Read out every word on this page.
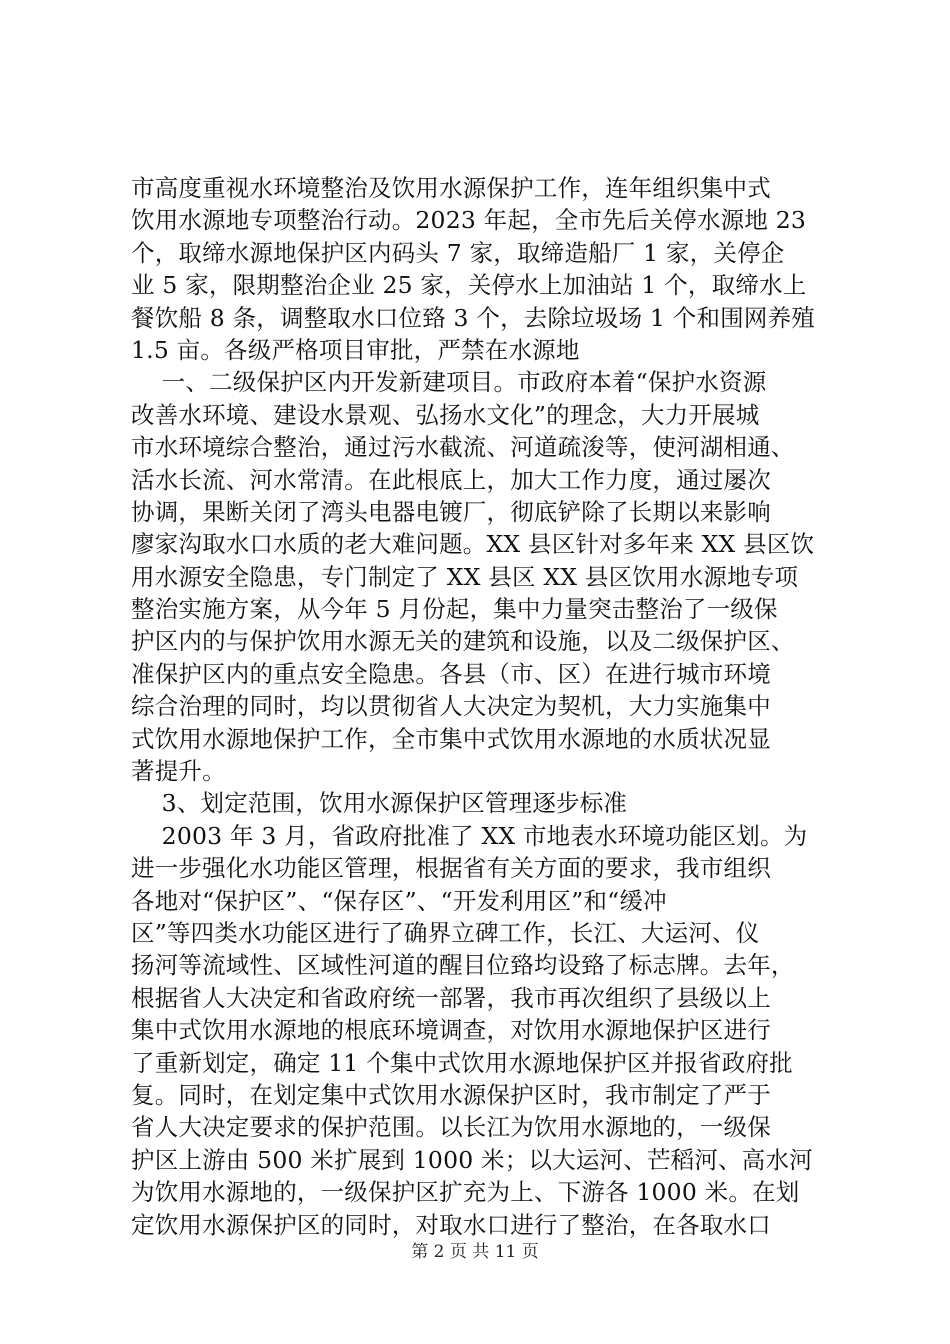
市高度重视水环境整治及饮用水源保护工作，连年组织集中式
饮用水源地专项整治行动。2023 年起，全市先后关停水源地 23
个，取缔水源地保护区内码头 7 家，取缔造船厂 1 家，关停企
业 5 家，限期整治企业 25 家，关停水上加油站 1 个，取缔水上
餐饮船 8 条，调整取水口位臵 3 个，去除垃圾场 1 个和围网养殖
1.5 亩。各级严格项目审批，严禁在水源地
一、二级保护区内开发新建项目。市政府本着“保护水资源
改善水环境、建设水景观、弘扬水文化”的理念，大力开展城
市水环境综合整治，通过污水截流、河道疏浚等，使河湖相通、
活水长流、河水常清。在此根底上，加大工作力度，通过屡次
协调，果断关闭了湾头电器电镀厂，彻底铲除了长期以来影响
廖家沟取水口水质的老大难问题。XX 县区针对多年来 XX 县区饮
用水源安全隐患，专门制定了 XX 县区 XX 县区饮用水源地专项
整治实施方案，从今年 5 月份起，集中力量突击整治了一级保
护区内的与保护饮用水源无关的建筑和设施，以及二级保护区、
准保护区内的重点安全隐患。各县（市、区）在进行城市环境
综合治理的同时，均以贯彻省人大决定为契机，大力实施集中
式饮用水源地保护工作，全市集中式饮用水源地的水质状况显
著提升。
3、划定范围，饮用水源保护区管理逐步标准
2003 年 3 月，省政府批准了 XX 市地表水环境功能区划。为
进一步强化水功能区管理，根据省有关方面的要求，我市组织
各地对“保护区”、“保存区”、“开发利用区”和“缓冲
区”等四类水功能区进行了确界立碑工作，长江、大运河、仪
扬河等流域性、区域性河道的醒目位臵均设臵了标志牌。去年，
根据省人大决定和省政府统一部署，我市再次组织了县级以上
集中式饮用水源地的根底环境调查，对饮用水源地保护区进行
了重新划定，确定 11 个集中式饮用水源地保护区并报省政府批
复。同时，在划定集中式饮用水源保护区时，我市制定了严于
省人大决定要求的保护范围。以长江为饮用水源地的，一级保
护区上游由 500 米扩展到 1000 米；以大运河、芒稻河、高水河
为饮用水源地的，一级保护区扩充为上、下游各 1000 米。在划
定饮用水源保护区的同时，对取水口进行了整治，在各取水口
第 2 页 共 11 页
